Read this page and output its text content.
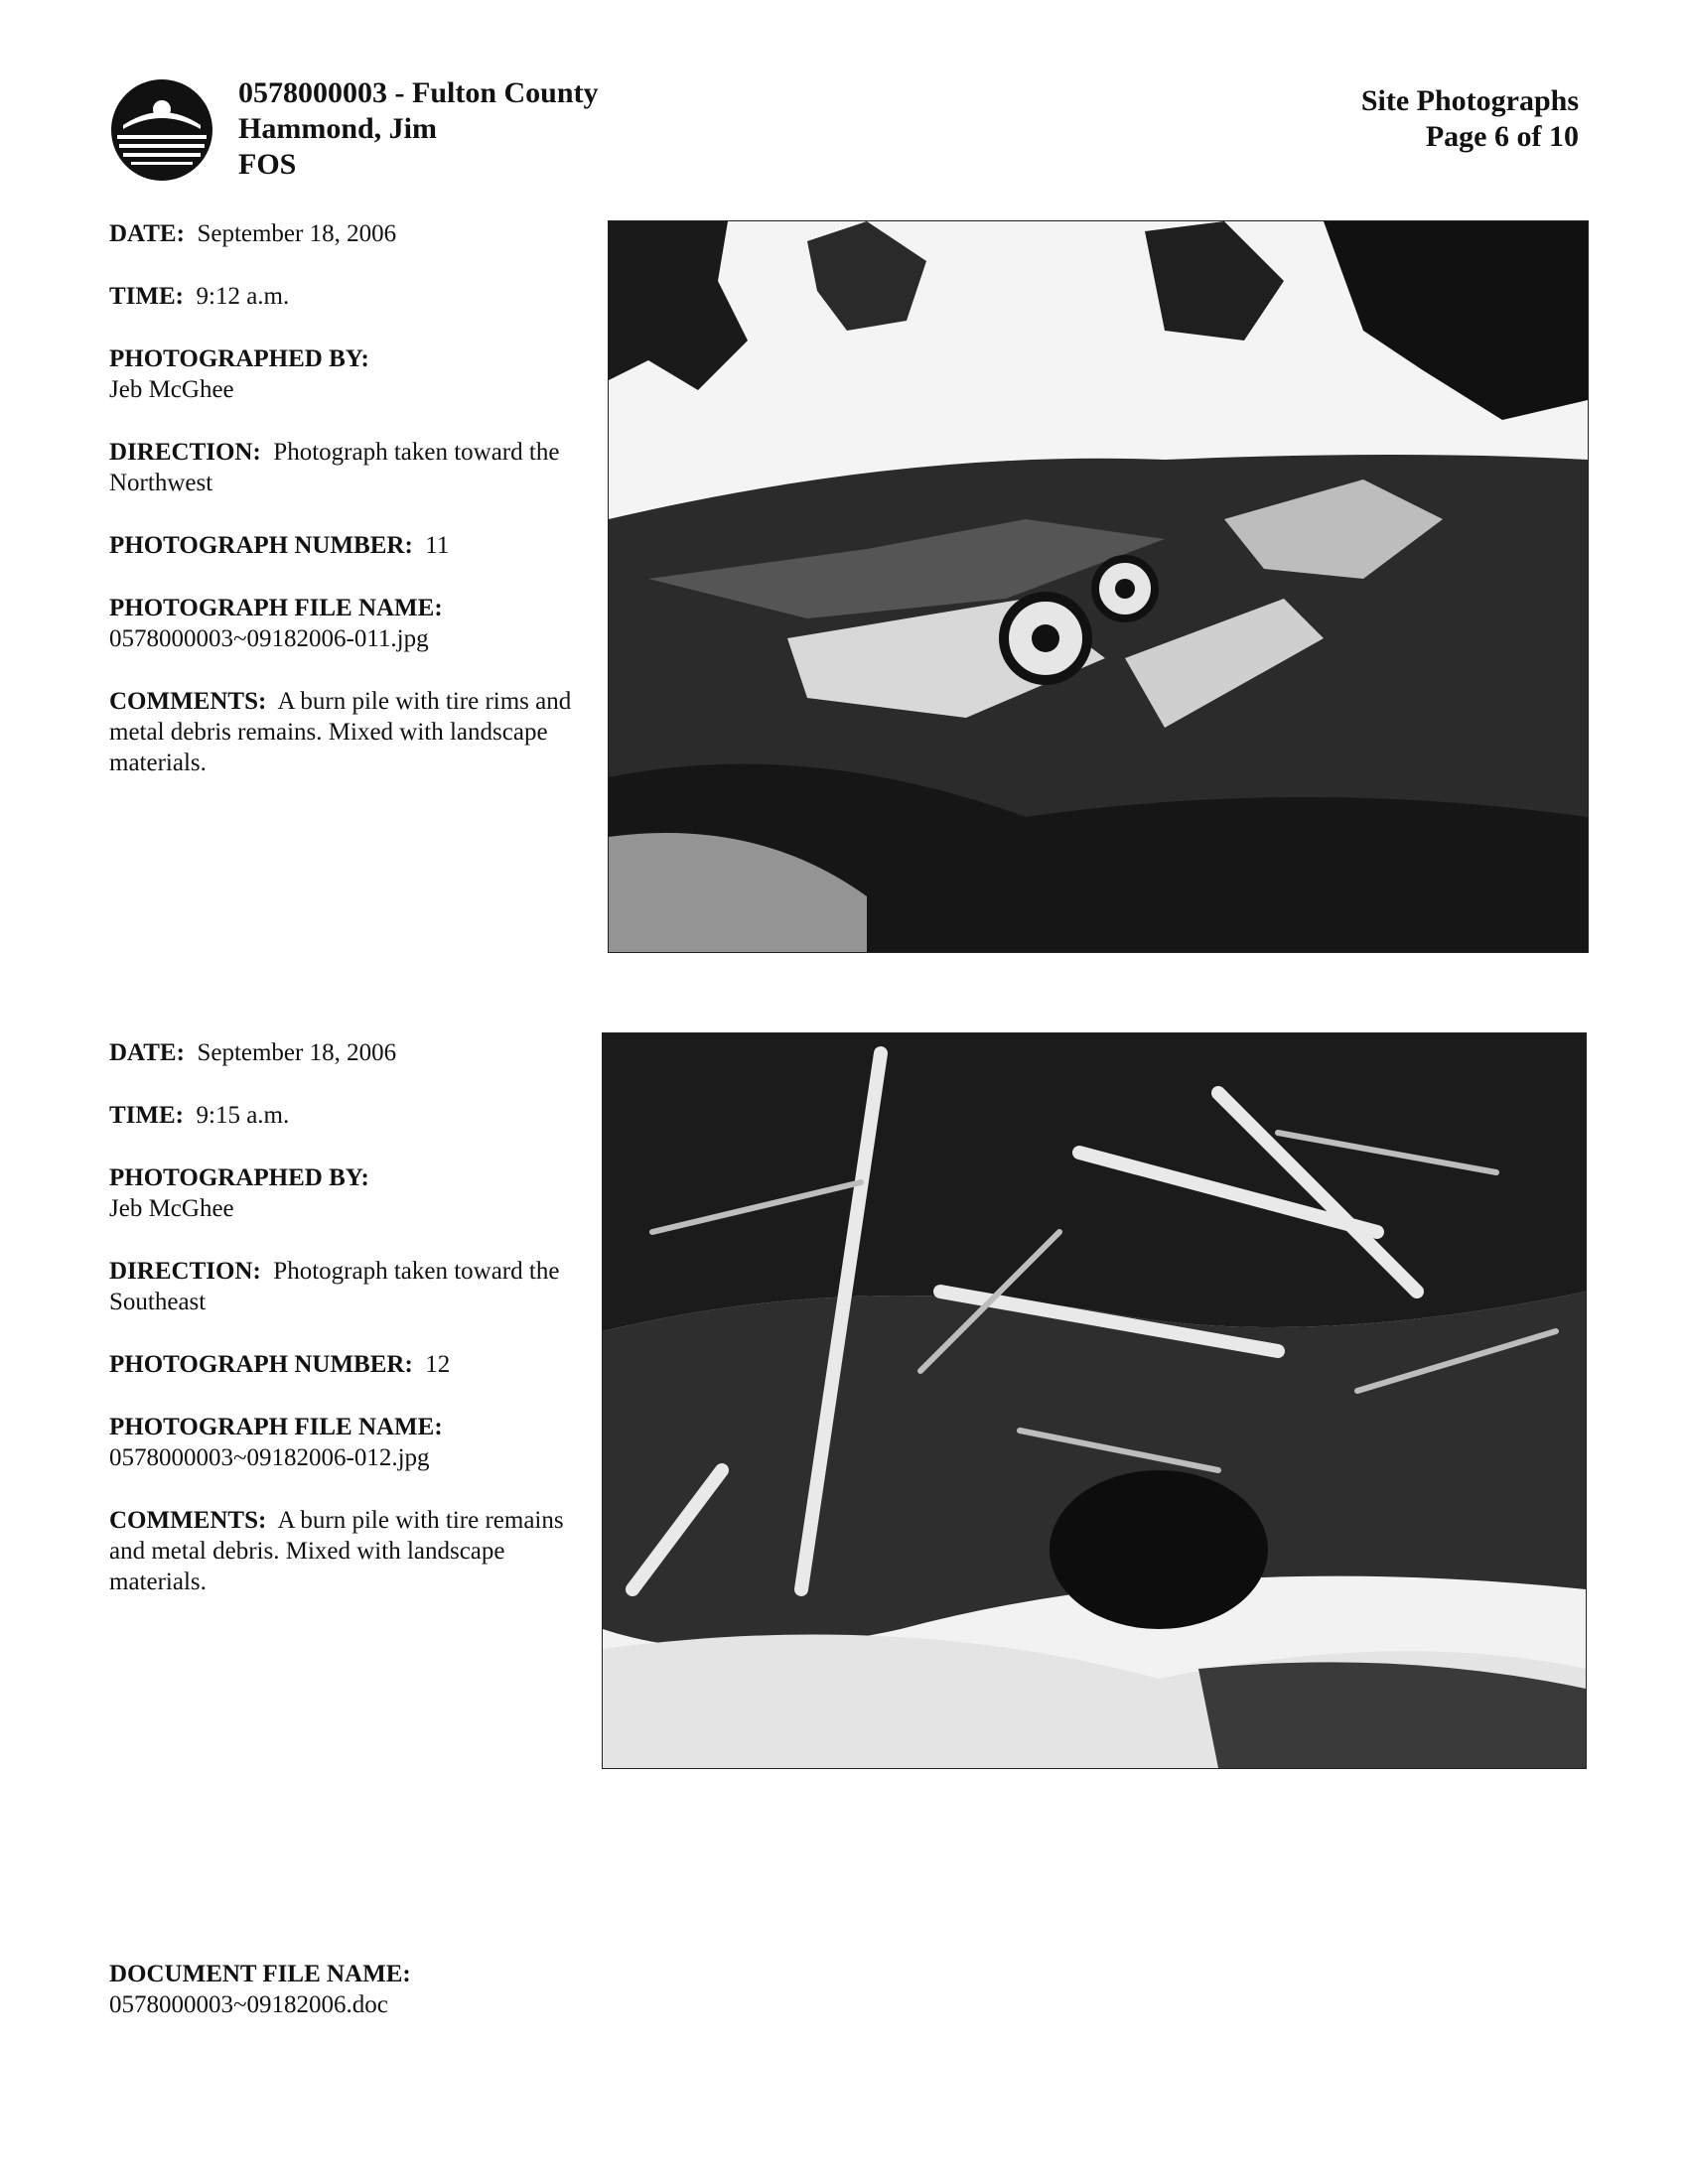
0578000003 - Fulton County
Hammond, Jim
FOS
Site Photographs
Page 6 of 10
DATE: September 18, 2006
TIME: 9:12 a.m.
PHOTOGRAPHED BY:
Jeb McGhee
DIRECTION: Photograph taken toward the Northwest
PHOTOGRAPH NUMBER: 11
PHOTOGRAPH FILE NAME:
0578000003~09182006-011.jpg
COMMENTS: A burn pile with tire rims and metal debris remains. Mixed with landscape materials.
DATE: September 18, 2006
TIME: 9:15 a.m.
PHOTOGRAPHED BY:
Jeb McGhee
DIRECTION: Photograph taken toward the Southeast
PHOTOGRAPH NUMBER: 12
PHOTOGRAPH FILE NAME:
0578000003~09182006-012.jpg
COMMENTS: A burn pile with tire remains and metal debris. Mixed with landscape materials.
DOCUMENT FILE NAME:
0578000003~09182006.doc
